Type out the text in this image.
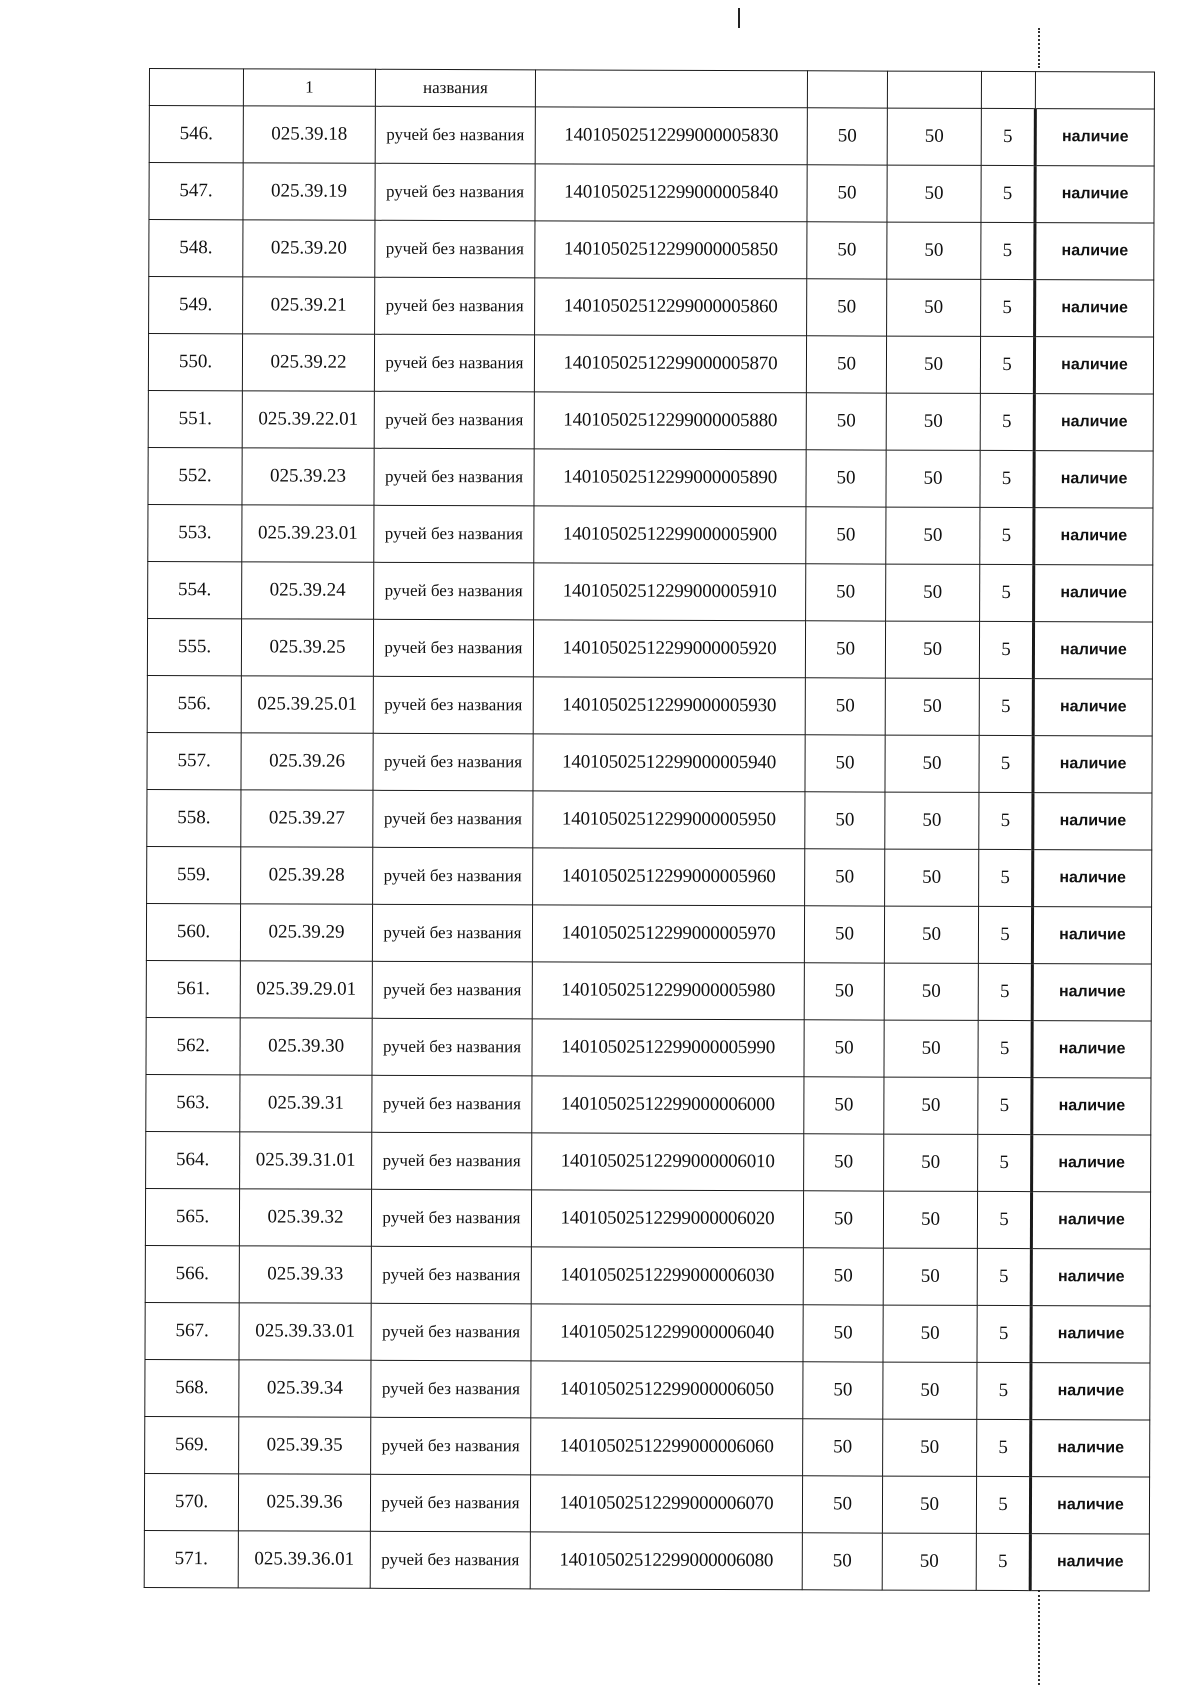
	1	названия					
546.	025.39.18	ручей без названия	14010502512299000005830	50	50	5	наличие
547.	025.39.19	ручей без названия	14010502512299000005840	50	50	5	наличие
548.	025.39.20	ручей без названия	14010502512299000005850	50	50	5	наличие
549.	025.39.21	ручей без названия	14010502512299000005860	50	50	5	наличие
550.	025.39.22	ручей без названия	14010502512299000005870	50	50	5	наличие
551.	025.39.22.01	ручей без названия	14010502512299000005880	50	50	5	наличие
552.	025.39.23	ручей без названия	14010502512299000005890	50	50	5	наличие
553.	025.39.23.01	ручей без названия	14010502512299000005900	50	50	5	наличие
554.	025.39.24	ручей без названия	14010502512299000005910	50	50	5	наличие
555.	025.39.25	ручей без названия	14010502512299000005920	50	50	5	наличие
556.	025.39.25.01	ручей без названия	14010502512299000005930	50	50	5	наличие
557.	025.39.26	ручей без названия	14010502512299000005940	50	50	5	наличие
558.	025.39.27	ручей без названия	14010502512299000005950	50	50	5	наличие
559.	025.39.28	ручей без названия	14010502512299000005960	50	50	5	наличие
560.	025.39.29	ручей без названия	14010502512299000005970	50	50	5	наличие
561.	025.39.29.01	ручей без названия	14010502512299000005980	50	50	5	наличие
562.	025.39.30	ручей без названия	14010502512299000005990	50	50	5	наличие
563.	025.39.31	ручей без названия	14010502512299000006000	50	50	5	наличие
564.	025.39.31.01	ручей без названия	14010502512299000006010	50	50	5	наличие
565.	025.39.32	ручей без названия	14010502512299000006020	50	50	5	наличие
566.	025.39.33	ручей без названия	14010502512299000006030	50	50	5	наличие
567.	025.39.33.01	ручей без названия	14010502512299000006040	50	50	5	наличие
568.	025.39.34	ручей без названия	14010502512299000006050	50	50	5	наличие
569.	025.39.35	ручей без названия	14010502512299000006060	50	50	5	наличие
570.	025.39.36	ручей без названия	14010502512299000006070	50	50	5	наличие
571.	025.39.36.01	ручей без названия	14010502512299000006080	50	50	5	наличие
